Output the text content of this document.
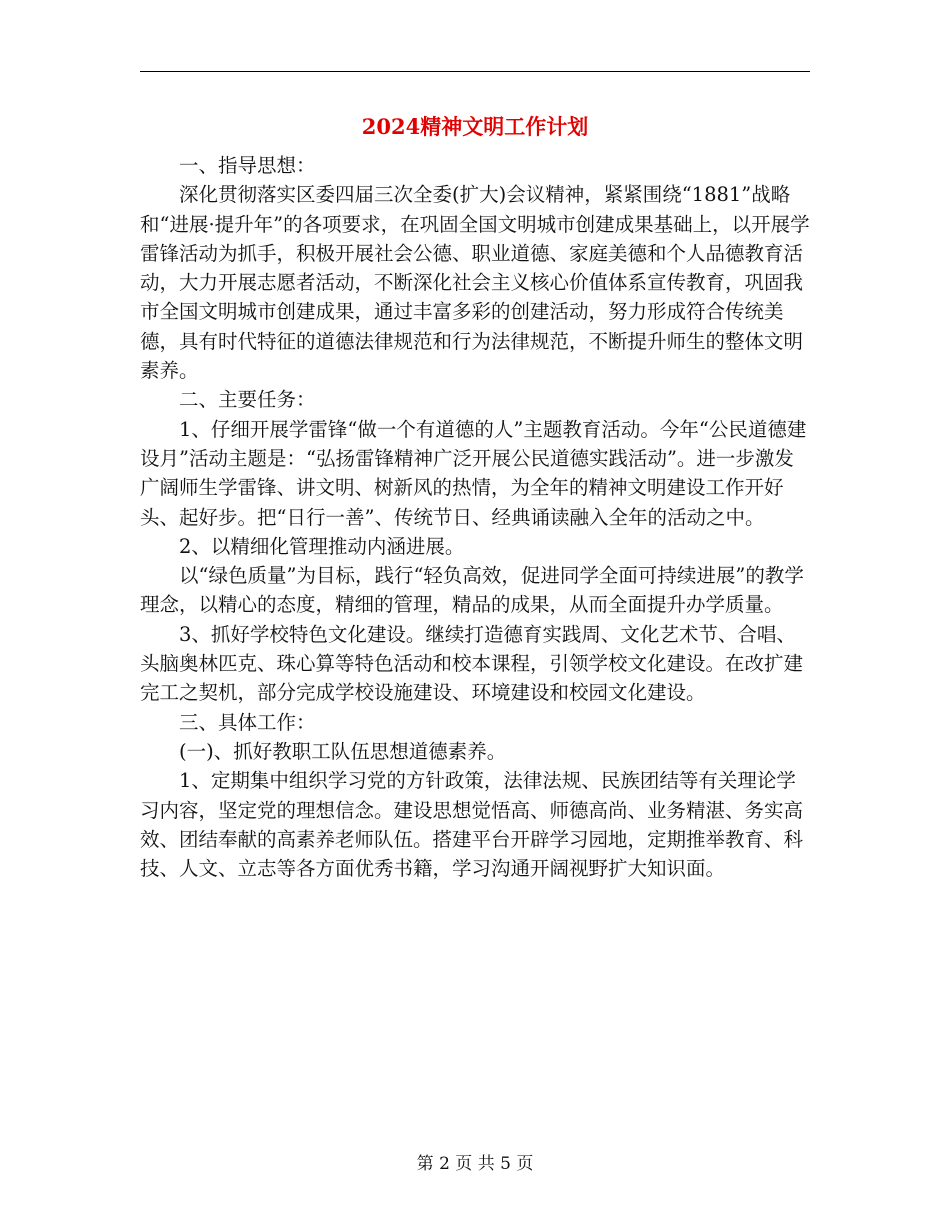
2024精神文明工作计划

一、指导思想：

深化贯彻落实区委四届三次全委(扩大)会议精神，紧紧围绕“1881”战略和“进展·提升年”的各项要求，在巩固全国文明城市创建成果基础上，以开展学雷锋活动为抓手，积极开展社会公德、职业道德、家庭美德和个人品德教育活动，大力开展志愿者活动，不断深化社会主义核心价值体系宣传教育，巩固我市全国文明城市创建成果，通过丰富多彩的创建活动，努力形成符合传统美德，具有时代特征的道德法律规范和行为法律规范，不断提升师生的整体文明素养。

二、主要任务：

1、仔细开展学雷锋“做一个有道德的人”主题教育活动。今年“公民道德建设月”活动主题是：“弘扬雷锋精神广泛开展公民道德实践活动”。进一步激发广阔师生学雷锋、讲文明、树新风的热情，为全年的精神文明建设工作开好头、起好步。把“日行一善”、传统节日、经典诵读融入全年的活动之中。

2、以精细化管理推动内涵进展。

以“绿色质量”为目标，践行“轻负高效，促进同学全面可持续进展”的教学理念，以精心的态度，精细的管理，精品的成果，从而全面提升办学质量。

3、抓好学校特色文化建设。继续打造德育实践周、文化艺术节、合唱、头脑奥林匹克、珠心算等特色活动和校本课程，引领学校文化建设。在改扩建完工之契机，部分完成学校设施建设、环境建设和校园文化建设。

三、具体工作：

(一)、抓好教职工队伍思想道德素养。

1、定期集中组织学习党的方针政策，法律法规、民族团结等有关理论学习内容，坚定党的理想信念。建设思想觉悟高、师德高尚、业务精湛、务实高效、团结奉献的高素养老师队伍。搭建平台开辟学习园地，定期推举教育、科技、人文、立志等各方面优秀书籍，学习沟通开阔视野扩大知识面。

第 2 页 共 5 页
